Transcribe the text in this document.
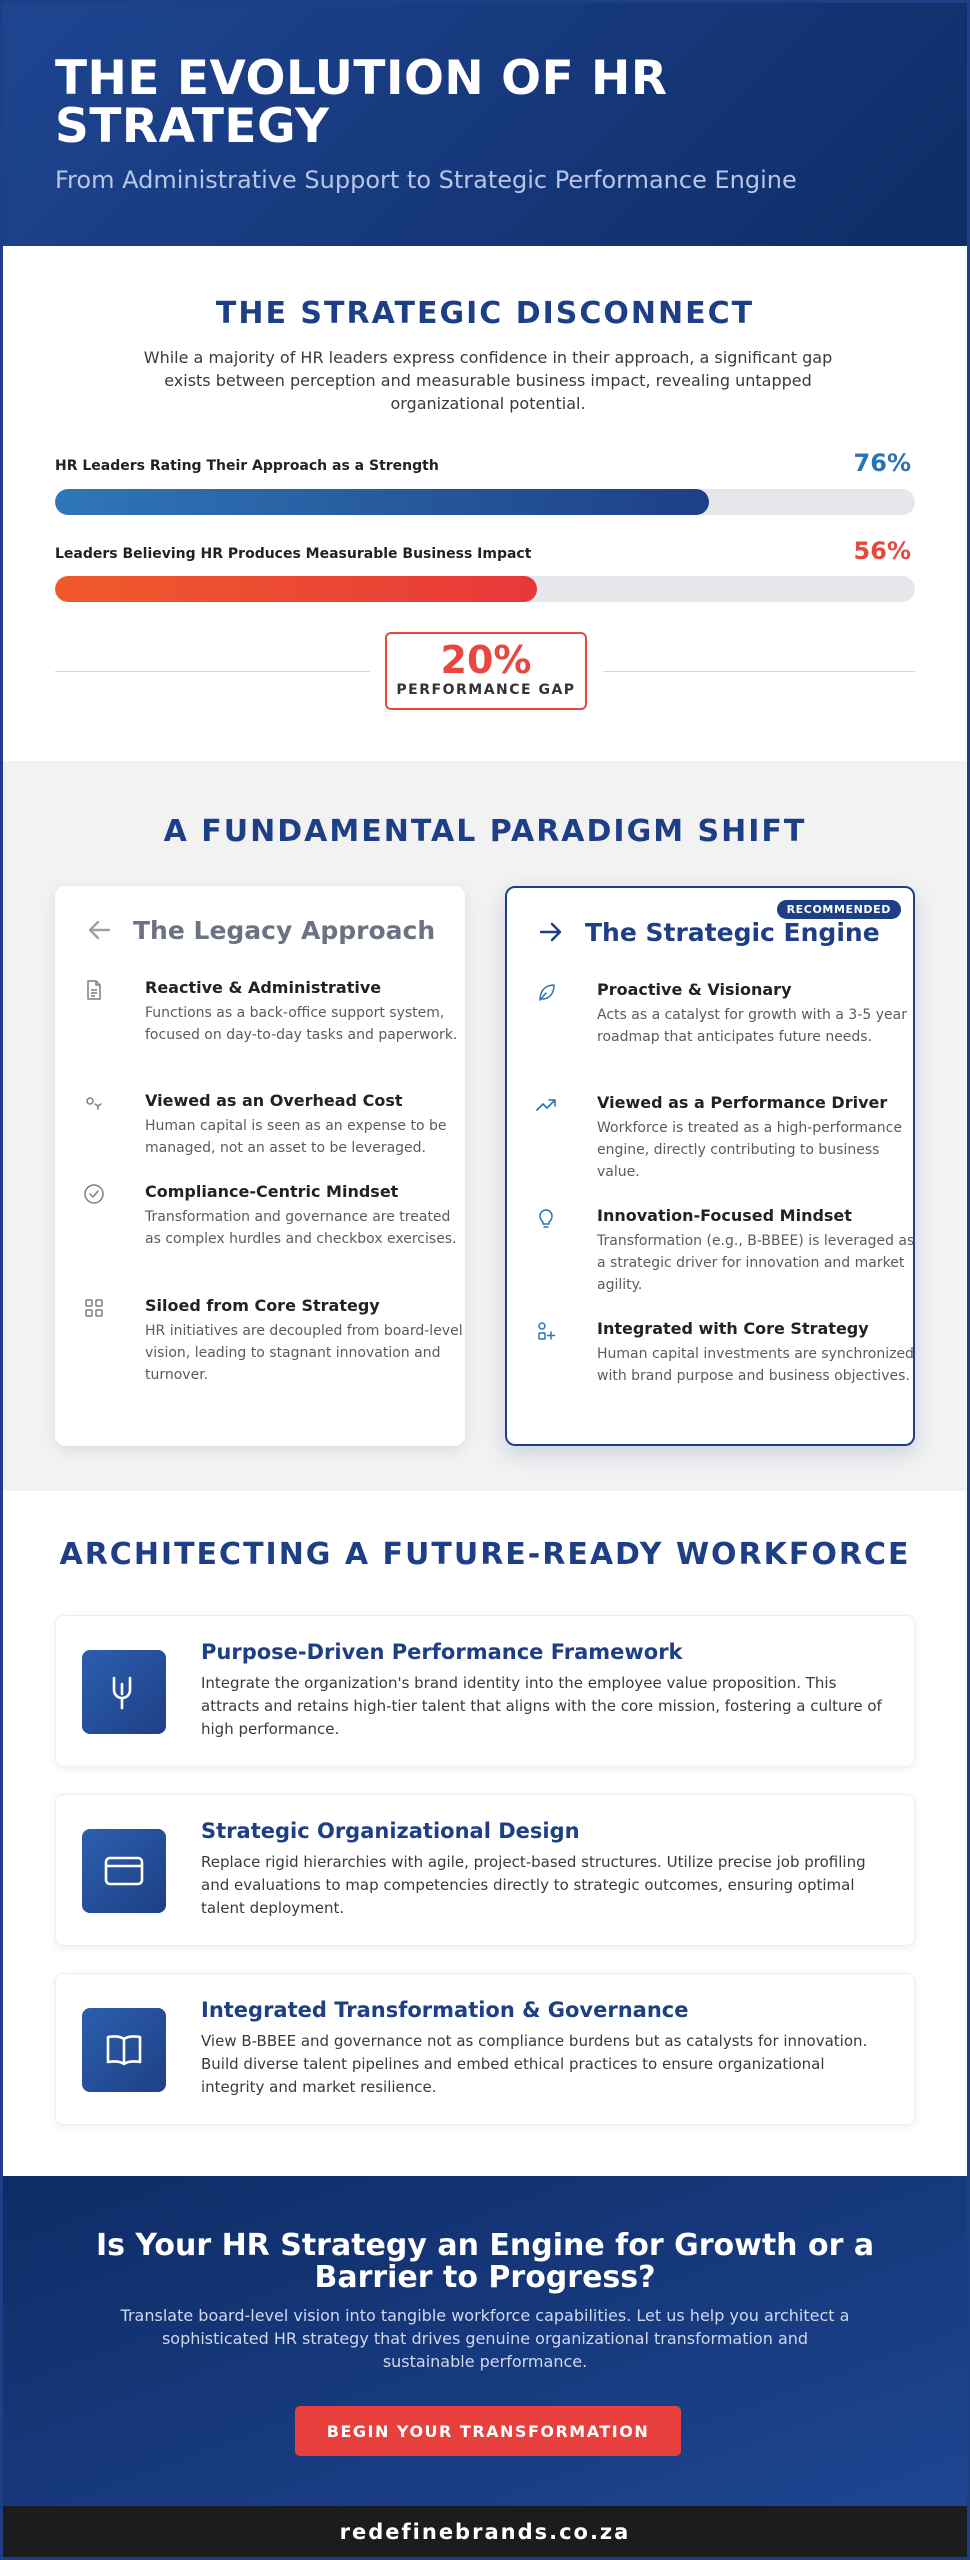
THE EVOLUTION OF HR STRATEGY
From Administrative Support to Strategic Performance Engine
THE STRATEGIC DISCONNECT

While a majority of HR leaders express confidence in their approach, a significant gap exists between perception and measurable business impact, revealing untapped organizational potential.

HR Leaders Rating Their Approach as a Strength	76%
Leaders Believing HR Produces Measurable Business Impact	56%
20%
PERFORMANCE GAP
A FUNDAMENTAL PARADIGM SHIFT
The Legacy Approach
Reactive & Administrative
Functions as a back-office support system, focused on day-to-day tasks and paperwork.
Viewed as an Overhead Cost
Human capital is seen as an expense to be managed, not an asset to be leveraged.
Compliance-Centric Mindset
Transformation and governance are treated as complex hurdles and checkbox exercises.
Siloed from Core Strategy
HR initiatives are decoupled from board-level vision, leading to stagnant innovation and turnover.
RECOMMENDED
The Strategic Engine
Proactive & Visionary
Acts as a catalyst for growth with a 3-5 year roadmap that anticipates future needs.
Viewed as a Performance Driver
Workforce is treated as a high-performance engine, directly contributing to business value.
Innovation-Focused Mindset
Transformation (e.g., B-BBEE) is leveraged as a strategic driver for innovation and market agility.
Integrated with Core Strategy
Human capital investments are synchronized with brand purpose and business objectives.
ARCHITECTING A FUTURE-READY WORKFORCE
Purpose-Driven Performance Framework
Integrate the organization's brand identity into the employee value proposition. This attracts and retains high-tier talent that aligns with the core mission, fostering a culture of high performance.
Strategic Organizational Design
Replace rigid hierarchies with agile, project-based structures. Utilize precise job profiling and evaluations to map competencies directly to strategic outcomes, ensuring optimal talent deployment.
Integrated Transformation & Governance
View B-BBEE and governance not as compliance burdens but as catalysts for innovation. Build diverse talent pipelines and embed ethical practices to ensure organizational integrity and market resilience.
Is Your HR Strategy an Engine for Growth or a Barrier to Progress?

Translate board-level vision into tangible workforce capabilities. Let us help you architect a sophisticated HR strategy that drives genuine organizational transformation and sustainable performance.

BEGIN YOUR TRANSFORMATION
redefinebrands.co.za
